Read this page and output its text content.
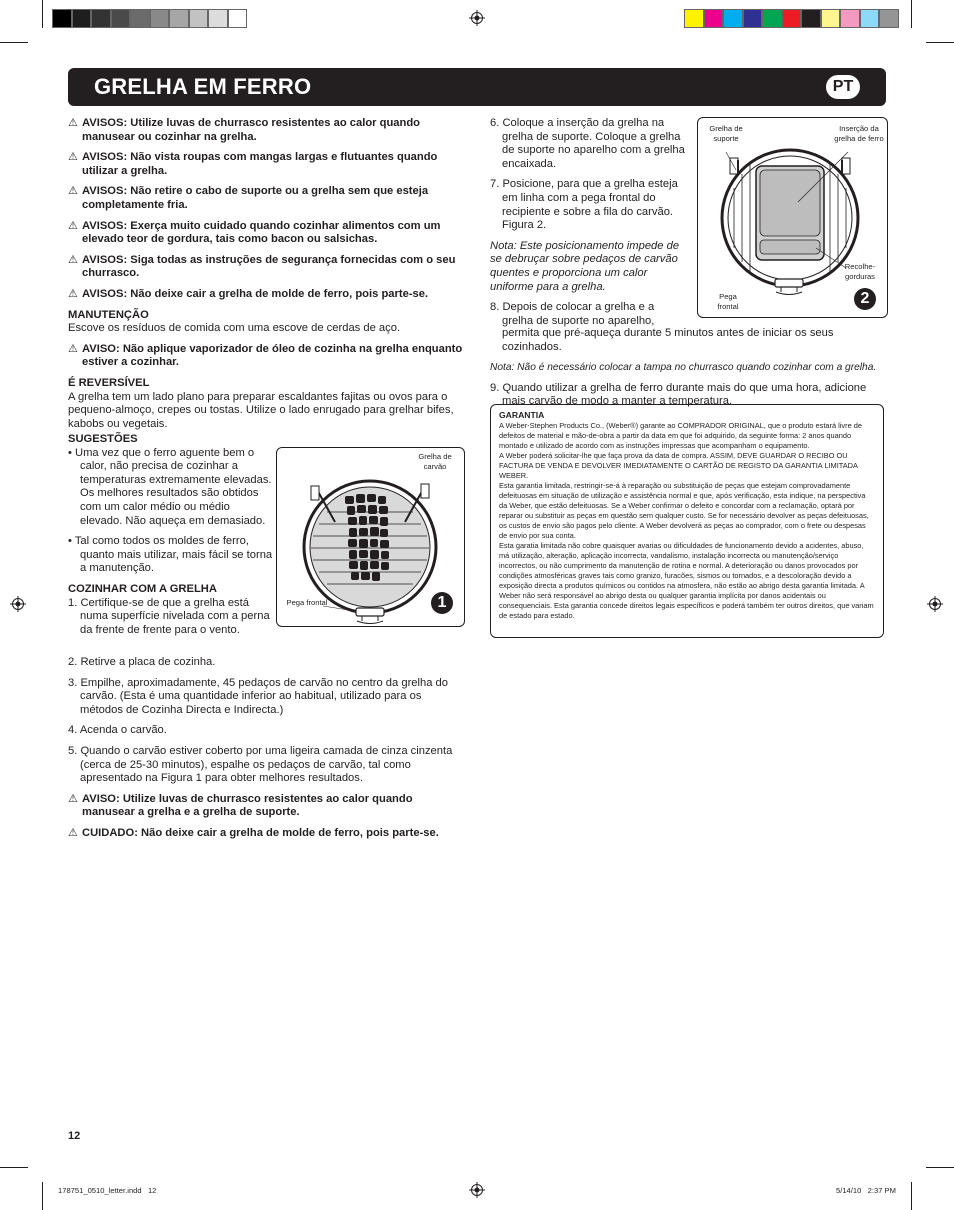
GRELHA EM FERRO	PT

⚠ AVISOS: Utilize luvas de churrasco resistentes ao calor quando manusear ou cozinhar na grelha.

⚠ AVISOS: Não vista roupas com mangas largas e flutuantes quando utilizar a grelha.

⚠ AVISOS: Não retire o cabo de suporte ou a grelha sem que esteja completamente fria.

⚠ AVISOS: Exerça muito cuidado quando cozinhar alimentos com um elevado teor de gordura, tais como bacon ou salsichas.

⚠ AVISOS: Siga todas as instruções de segurança fornecidas com o seu churrasco.

⚠ AVISOS: Não deixe cair a grelha de molde de ferro, pois parte-se.

MANUTENÇÃO

Escove os resíduos de comida com uma escove de cerdas de aço.

⚠ AVISO: Não aplique vaporizador de óleo de cozinha na grelha enquanto estiver a cozinhar.

É REVERSÍVEL

A grelha tem um lado plano para preparar escaldantes fajitas ou ovos para o pequeno-almoço, crepes ou tostas. Utilize o lado enrugado para grelhar bifes, kabobs ou vegetais.

SUGESTÕES

• Uma vez que o ferro aguente bem o calor, não precisa de cozinhar a temperaturas extremamente elevadas. Os melhores resultados são obtidos com um calor médio ou médio elevado. Não aqueça em demasiado.

• Tal como todos os moldes de ferro, quanto mais utilizar, mais fácil se torna a manutenção.

COZINHAR COM A GRELHA

1. Certifique-se de que a grelha está numa superfície nivelada com a perna da frente de frente para o vento.

2. Retirve a placa de cozinha.

3. Empilhe, aproximadamente, 45 pedaços de carvão no centro da grelha do carvão. (Esta é uma quantidade inferior ao habitual, utilizado para os métodos de Cozinha Directa e Indirecta.)

4. Acenda o carvão.

5. Quando o carvão estiver coberto por uma ligeira camada de cinza cinzenta (cerca de 25-30 minutos), espalhe os pedaços de carvão, tal como apresentado na Figura 1 para obter melhores resultados.

⚠ AVISO: Utilize luvas de churrasco resistentes ao calor quando manusear a grelha e a grelha de suporte.

⚠ CUIDADO: Não deixe cair a grelha de molde de ferro, pois parte-se.

Grelha de carvão
Pega frontal	1

6. Coloque a inserção da grelha na grelha de suporte. Coloque a grelha de suporte no aparelho com a grelha encaixada.

7. Posicione, para que a grelha esteja em linha com a pega frontal do recipiente e sobre a fila do carvão. Figura 2.

Nota: Este posicionamento impede de se debruçar sobre pedaços de carvão quentes e proporciona um calor uniforme para a grelha.

8. Depois de colocar a grelha e a grelha de suporte no aparelho,

permita que pré-aqueça durante 5 minutos antes de iniciar os seus cozinhados.

Nota: Não é necessário colocar a tampa no churrasco quando cozinhar com a grelha.

9. Quando utilizar a grelha de ferro durante mais do que uma hora, adicione mais carvão de modo a manter a temperatura.

Grelha de suporte
Inserção da grelha de ferro
Recolhe-gorduras
Pega frontal	2

GARANTIA

A Weber-Stephen Products Co., (Weber®) garante ao COMPRADOR ORIGINAL, que o produto estará livre de defeitos de material e mão-de-obra a partir da data em que foi adquirido, da seguinte forma: 2 anos quando montado e utilizado de acordo com as instruções impressas que acompanham o equipamento.

A Weber poderá solicitar-lhe que faça prova da data de compra. ASSIM, DEVE GUARDAR O RECIBO OU FACTURA DE VENDA E DEVOLVER IMEDIATAMENTE O CARTÃO DE REGISTO DA GARANTIA LIMITADA WEBER.

Esta garantia limitada, restringir-se-á à reparação ou substituição de peças que estejam comprovadamente defeituosas em situação de utilização e assistência normal e que, após verificação, esta indique, na perspectiva da Weber, que estão defeituosas. Se a Weber confirmar o defeito e concordar com a reclamação, optará por reparar ou substituir as peças em questão sem qualquer custo. Se for necessário devolver as peças defeituosas, os custos de envio são pagos pelo cliente. A Weber devolverá as peças ao comprador, com o frete ou despesas de envio por sua conta.

Esta garatia limitada não cobre quaisquer avarias ou dificuldades de funcionamento devido a acidentes, abuso, má utilização, alteração, aplicação incorrecta, vandalismo, instalação incorrecta ou manutenção/serviço incorrectos, ou não cumprimento da manutenção de rotina e normal. A deterioração ou danos provocados por condições atmosféricas graves tais como granizo, furacões, sismos ou tornados, e a descoloração devido a exposição directa a produtos químicos ou contidos na atmosfera, não estão ao abrigo desta garantia limitada. A Weber não será responsável ao abrigo desta ou qualquer garantia implícita por danos acidentais ou consequenciais. Esta garantia concede direitos legais específicos e poderá também ter outros direitos, que variam de estado para estado.

12
178751_0510_letter.indd   12	5/14/10   2:37 PM
